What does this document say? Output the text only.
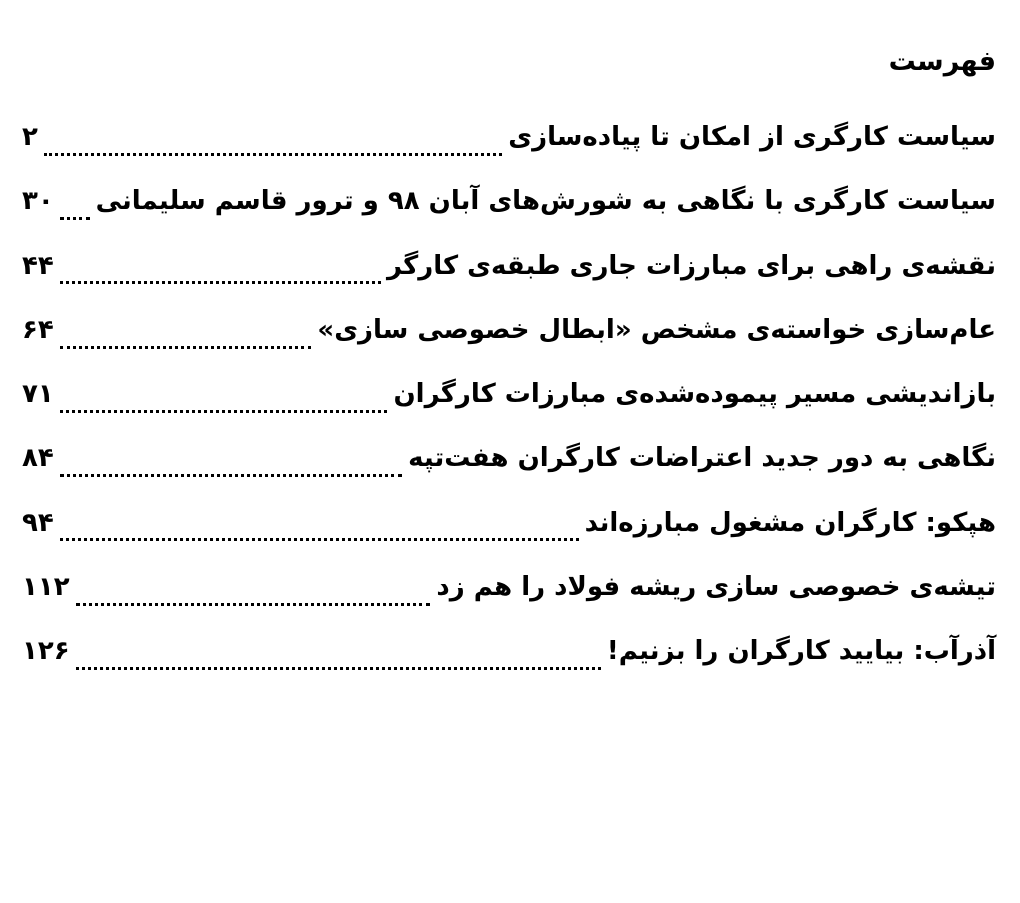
فهرست
سیاست کارگری از امکان تا پیاده‌سازی
۲
سیاست کارگری با نگاهی به شورش‌های آبان ۹۸ و ترور قاسم سلیمانی
۳۰
نقشه‌ی راهی برای مبارزات جاری طبقه‌ی کارگر
۴۴
عام‌سازی خواسته‌ی مشخص «ابطال خصوصی سازی»
۶۴
بازاندیشی مسیر پیموده‌شده‌ی مبارزات کارگران
۷۱
نگاهی به دور جدید اعتراضات کارگران هفت‌تپه
۸۴
هپکو: کارگران مشغول مبارزه‌اند
۹۴
تیشه‌ی خصوصی سازی ریشه فولاد را هم زد
۱۱۲
آذرآب: بیایید کارگران را بزنیم!
۱۲۶
